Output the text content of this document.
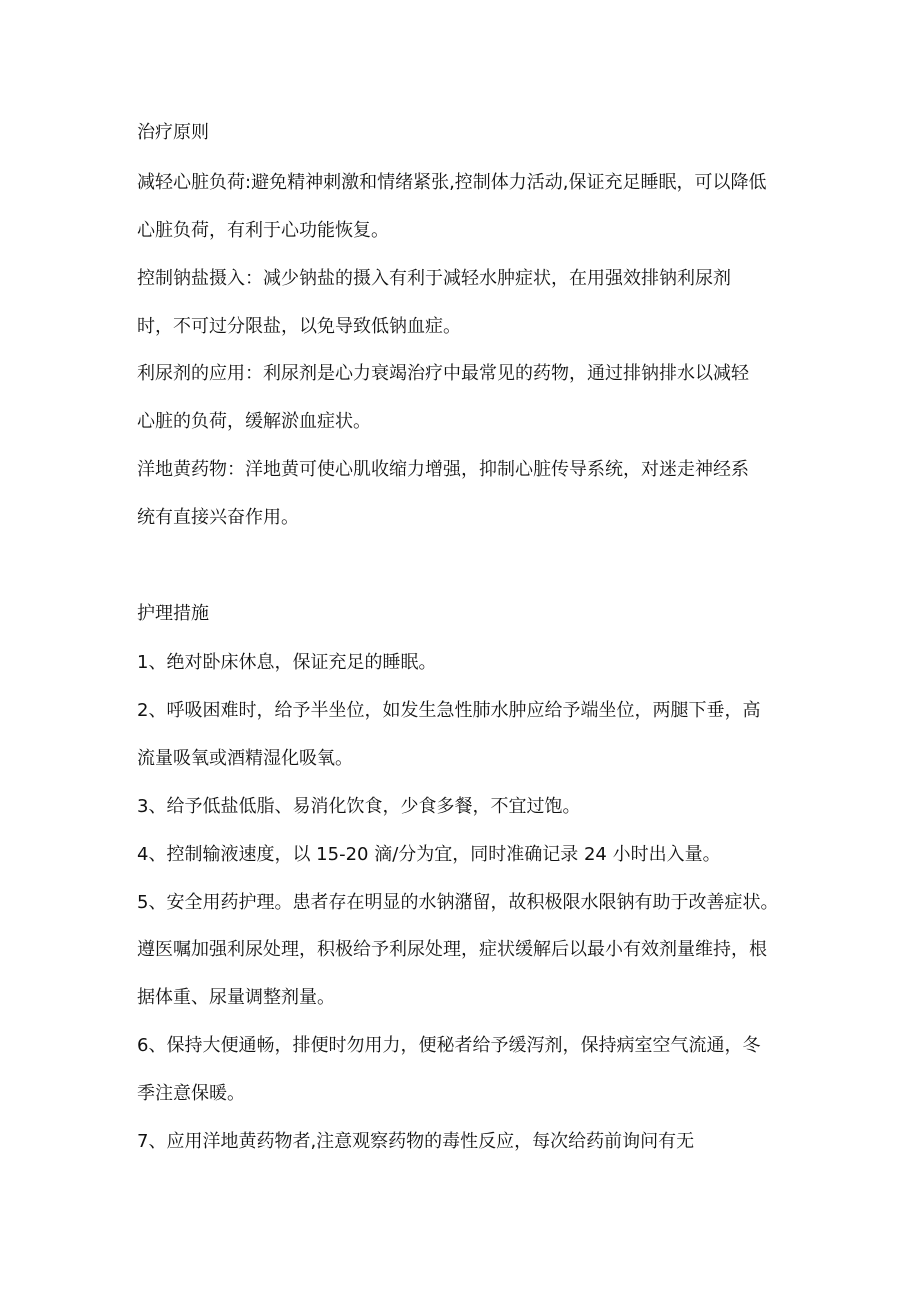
治疗原则
减轻心脏负荷:避免精神刺激和情绪紧张,控制体力活动,保证充足睡眠，可以降低
心脏负荷，有利于心功能恢复。
控制钠盐摄入：减少钠盐的摄入有利于减轻水肿症状，在用强效排钠利尿剂
时，不可过分限盐，以免导致低钠血症。
利尿剂的应用：利尿剂是心力衰竭治疗中最常见的药物，通过排钠排水以减轻
心脏的负荷，缓解淤血症状。
洋地黄药物：洋地黄可使心肌收缩力增强，抑制心脏传导系统，对迷走神经系
统有直接兴奋作用。
护理措施
1、绝对卧床休息，保证充足的睡眠。
2、呼吸困难时，给予半坐位，如发生急性肺水肿应给予端坐位，两腿下垂，高
流量吸氧或酒精湿化吸氧。
3、给予低盐低脂、易消化饮食，少食多餐，不宜过饱。
4、控制输液速度，以 15-20 滴/分为宜，同时准确记录 24 小时出入量。
5、安全用药护理。患者存在明显的水钠潴留，故积极限水限钠有助于改善症状。
遵医嘱加强利尿处理，积极给予利尿处理，症状缓解后以最小有效剂量维持，根
据体重、尿量调整剂量。
6、保持大便通畅，排便时勿用力，便秘者给予缓泻剂，保持病室空气流通，冬
季注意保暖。
7、应用洋地黄药物者,注意观察药物的毒性反应，每次给药前询问有无
